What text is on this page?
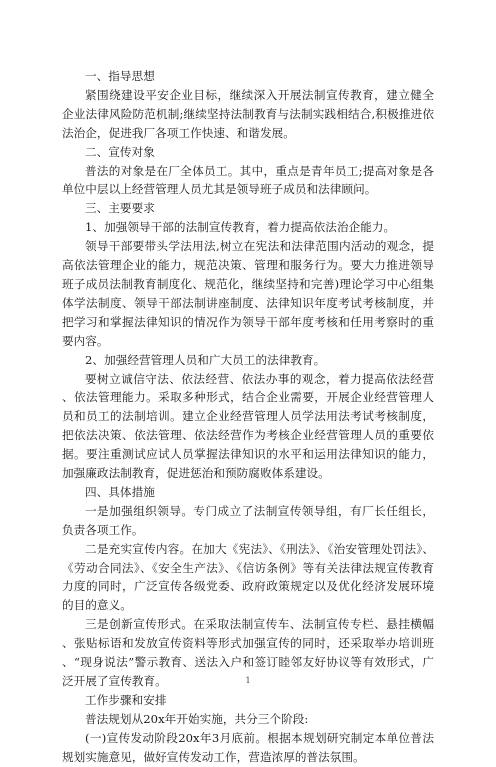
一、指导思想

紧围绕建设平安企业目标，继续深入开展法制宣传教育，建立健全企业法律风险防范机制;继续坚持法制教育与法制实践相结合,积极推进依法治企，促进我厂各项工作快速、和谐发展。

二、宣传对象

普法的对象是在厂全体员工。其中，重点是青年员工;提高对象是各单位中层以上经营管理人员尤其是领导班子成员和法律顾问。

三、主要要求

1、加强领导干部的法制宣传教育，着力提高依法治企能力。

领导干部要带头学法用法,树立在宪法和法律范围内活动的观念，提高依法管理企业的能力，规范决策、管理和服务行为。要大力推进领导班子成员法制教育制度化、规范化，继续坚持和完善)理论学习中心组集体学法制度、领导干部法制讲座制度、法律知识年度考试考核制度，并把学习和掌握法律知识的情况作为领导干部年度考核和任用考察时的重要内容。

2、加强经营管理人员和广大员工的法律教育。

要树立诚信守法、依法经营、依法办事的观念，着力提高依法经营、依法管理能力。采取多种形式，结合企业需要，开展企业经营管理人员和员工的法制培训。建立企业经营管理人员学法用法考试考核制度，把依法决策、依法管理、依法经营作为考核企业经营管理人员的重要依据。要注重测试应试人员掌握法律知识的水平和运用法律知识的能力，加强廉政法制教育，促进惩治和预防腐败体系建设。

四、具体措施

一是加强组织领导。专门成立了法制宣传领导组，有厂长任组长，负责各项工作。

二是充实宣传内容。在加大《宪法》、《刑法》、《治安管理处罚法》、《劳动合同法》、《安全生产法》、《信访条例》等有关法律法规宣传教育力度的同时，广泛宣传各级党委、政府政策规定以及优化经济发展环境的目的意义。

三是创新宣传形式。在采取法制宣传车、法制宣传专栏、悬挂横幅、张贴标语和发放宣传资料等形式加强宣传的同时，还采取举办培训班、“现身说法”警示教育、送法入户和签订睦邻友好协议等有效形式，广泛开展了宣传教育。

工作步骤和安排

普法规划从20x年开始实施，共分三个阶段:

(一)宣传发动阶段20x年3月底前。根据本规划研究制定本单位普法规划实施意见，做好宣传发动工作，营造浓厚的普法氛围。

1
